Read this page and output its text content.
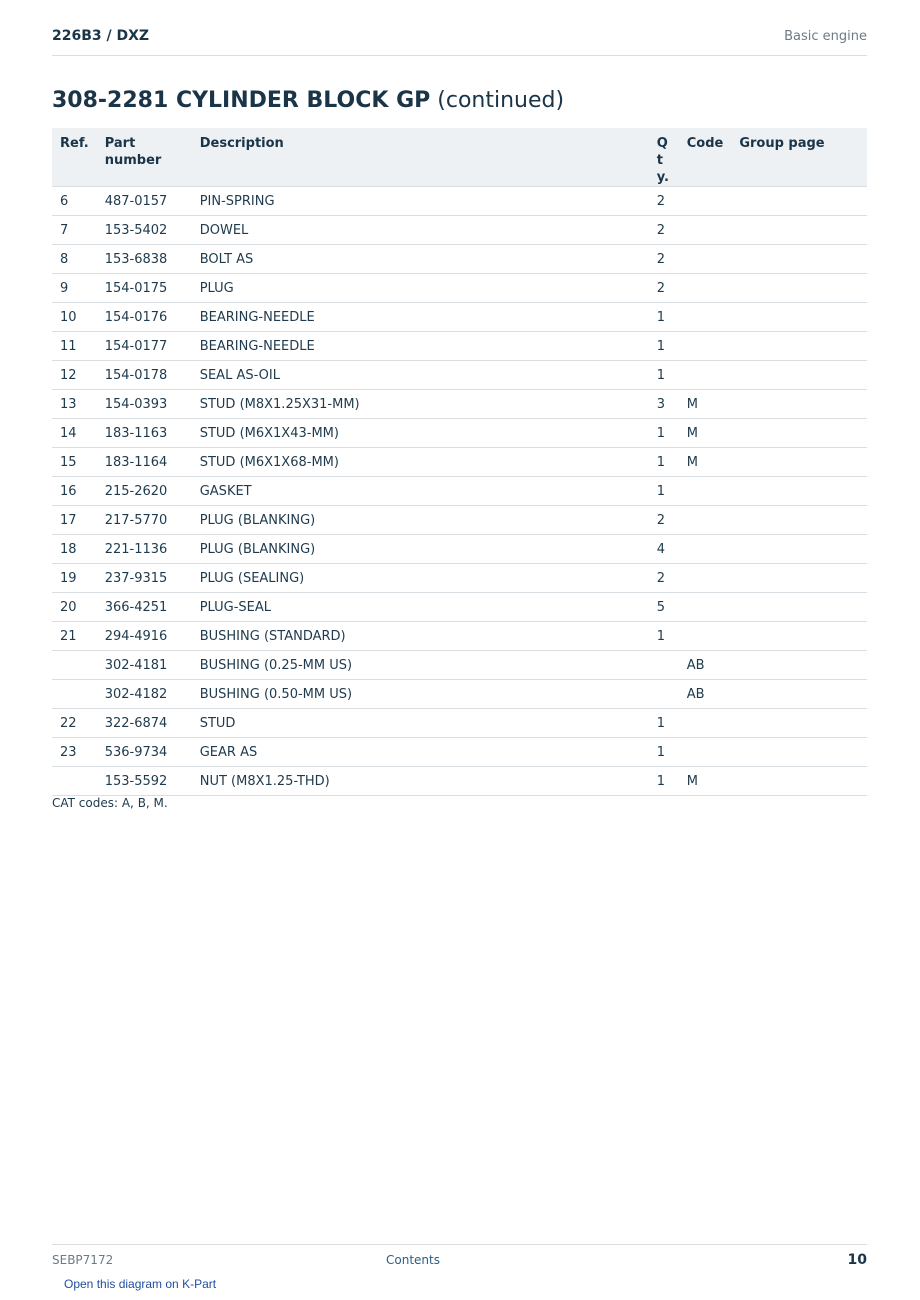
226B3 / DXZ	Basic engine
308-2281 CYLINDER BLOCK GP (continued)
Ref.	Part number	Description	Qty.	Code	Group page
6	487-0157	PIN-SPRING	2		
7	153-5402	DOWEL	2		
8	153-6838	BOLT AS	2		
9	154-0175	PLUG	2		
10	154-0176	BEARING-NEEDLE	1		
11	154-0177	BEARING-NEEDLE	1		
12	154-0178	SEAL AS-OIL	1		
13	154-0393	STUD (M8X1.25X31-MM)	3	M	
14	183-1163	STUD (M6X1X43-MM)	1	M	
15	183-1164	STUD (M6X1X68-MM)	1	M	
16	215-2620	GASKET	1		
17	217-5770	PLUG (BLANKING)	2		
18	221-1136	PLUG (BLANKING)	4		
19	237-9315	PLUG (SEALING)	2		
20	366-4251	PLUG-SEAL	5		
21	294-4916	BUSHING (STANDARD)	1		
	302-4181	BUSHING (0.25-MM US)		AB	
	302-4182	BUSHING (0.50-MM US)		AB	
22	322-6874	STUD	1		
23	536-9734	GEAR AS	1		
	153-5592	NUT (M8X1.25-THD)	1	M	
CAT codes: A, B, M.
SEBP7172	Contents	10
Open this diagram on K-Part
